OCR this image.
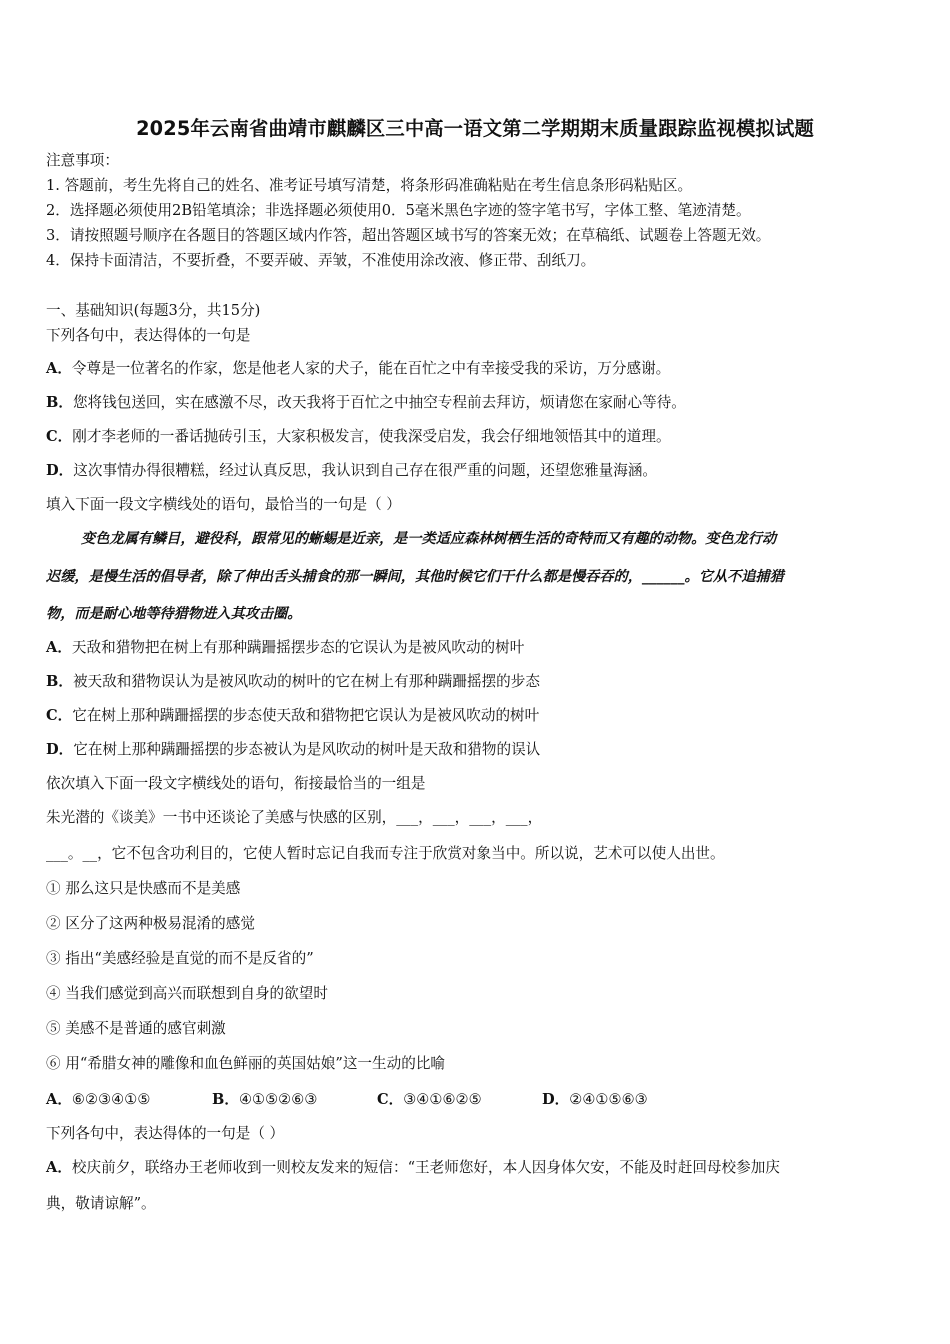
2025年云南省曲靖市麒麟区三中高一语文第二学期期末质量跟踪监视模拟试题
注意事项：
1. 答题前，考生先将自己的姓名、准考证号填写清楚，将条形码准确粘贴在考生信息条形码粘贴区。
2．选择题必须使用2B铅笔填涂；非选择题必须使用0．5毫米黑色字迹的签字笔书写，字体工整、笔迹清楚。
3．请按照题号顺序在各题目的答题区域内作答，超出答题区域书写的答案无效；在草稿纸、试题卷上答题无效。
4．保持卡面清洁，不要折叠，不要弄破、弄皱，不准使用涂改液、修正带、刮纸刀。
一、基础知识(每题3分，共15分)
下列各句中，表达得体的一句是
A．令尊是一位著名的作家，您是他老人家的犬子，能在百忙之中有幸接受我的采访，万分感谢。
B．您将钱包送回，实在感激不尽，改天我将于百忙之中抽空专程前去拜访，烦请您在家耐心等待。
C．刚才李老师的一番话抛砖引玉，大家积极发言，使我深受启发，我会仔细地领悟其中的道理。
D．这次事情办得很糟糕，经过认真反思，我认识到自己存在很严重的问题，还望您雅量海涵。
填入下面一段文字横线处的语句，最恰当的一句是（ ）
变色龙属有鳞目，避役科，跟常见的蜥蜴是近亲，是一类适应森林树栖生活的奇特而又有趣的动物。变色龙行动
迟缓，是慢生活的倡导者，除了伸出舌头捕食的那一瞬间，其他时候它们干什么都是慢吞吞的，______。它从不追捕猎
物，而是耐心地等待猎物进入其攻击圈。
A．天敌和猎物把在树上有那种蹒跚摇摆步态的它误认为是被风吹动的树叶
B．被天敌和猎物误认为是被风吹动的树叶的它在树上有那种蹒跚摇摆的步态
C．它在树上那种蹒跚摇摆的步态使天敌和猎物把它误认为是被风吹动的树叶
D．它在树上那种蹒跚摇摆的步态被认为是风吹动的树叶是天敌和猎物的误认
依次填入下面一段文字横线处的语句，衔接最恰当的一组是
朱光潜的《谈美》一书中还谈论了美感与快感的区别，___，___，___，___，
___。__，它不包含功利目的，它使人暂时忘记自我而专注于欣赏对象当中。所以说，艺术可以使人出世。
① 那么这只是快感而不是美感
② 区分了这两种极易混淆的感觉
③ 指出“美感经验是直觉的而不是反省的”
④ 当我们感觉到高兴而联想到自身的欲望时
⑤ 美感不是普通的感官刺激
⑥ 用“希腊女神的雕像和血色鲜丽的英国姑娘”这一生动的比喻
A．⑥②③④①⑤	B．④①⑤②⑥③	C．③④①⑥②⑤	D．②④①⑤⑥③
下列各句中，表达得体的一句是（ ）
A．校庆前夕，联络办王老师收到一则校友发来的短信：“王老师您好，本人因身体欠安，不能及时赶回母校参加庆
典，敬请谅解”。
